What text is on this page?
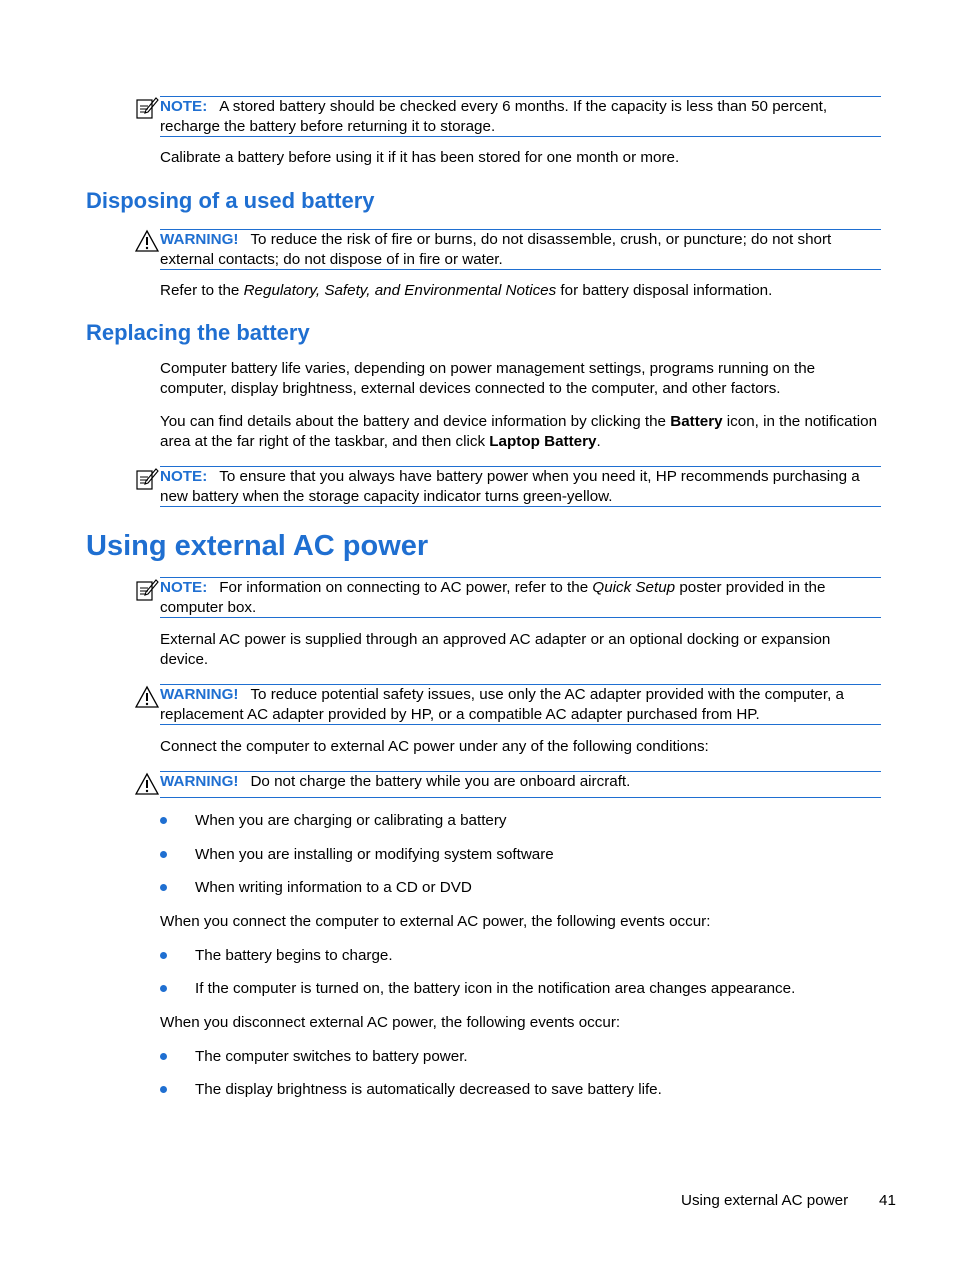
NOTE: A stored battery should be checked every 6 months. If the capacity is less than 50 percent, recharge the battery before returning it to storage.
Calibrate a battery before using it if it has been stored for one month or more.
Disposing of a used battery
WARNING! To reduce the risk of fire or burns, do not disassemble, crush, or puncture; do not short external contacts; do not dispose of in fire or water.
Refer to the Regulatory, Safety, and Environmental Notices for battery disposal information.
Replacing the battery
Computer battery life varies, depending on power management settings, programs running on the computer, display brightness, external devices connected to the computer, and other factors.
You can find details about the battery and device information by clicking the Battery icon, in the notification area at the far right of the taskbar, and then click Laptop Battery.
NOTE: To ensure that you always have battery power when you need it, HP recommends purchasing a new battery when the storage capacity indicator turns green-yellow.
Using external AC power
NOTE: For information on connecting to AC power, refer to the Quick Setup poster provided in the computer box.
External AC power is supplied through an approved AC adapter or an optional docking or expansion device.
WARNING! To reduce potential safety issues, use only the AC adapter provided with the computer, a replacement AC adapter provided by HP, or a compatible AC adapter purchased from HP.
Connect the computer to external AC power under any of the following conditions:
WARNING! Do not charge the battery while you are onboard aircraft.
When you are charging or calibrating a battery
When you are installing or modifying system software
When writing information to a CD or DVD
When you connect the computer to external AC power, the following events occur:
The battery begins to charge.
If the computer is turned on, the battery icon in the notification area changes appearance.
When you disconnect external AC power, the following events occur:
The computer switches to battery power.
The display brightness is automatically decreased to save battery life.
Using external AC power 41
